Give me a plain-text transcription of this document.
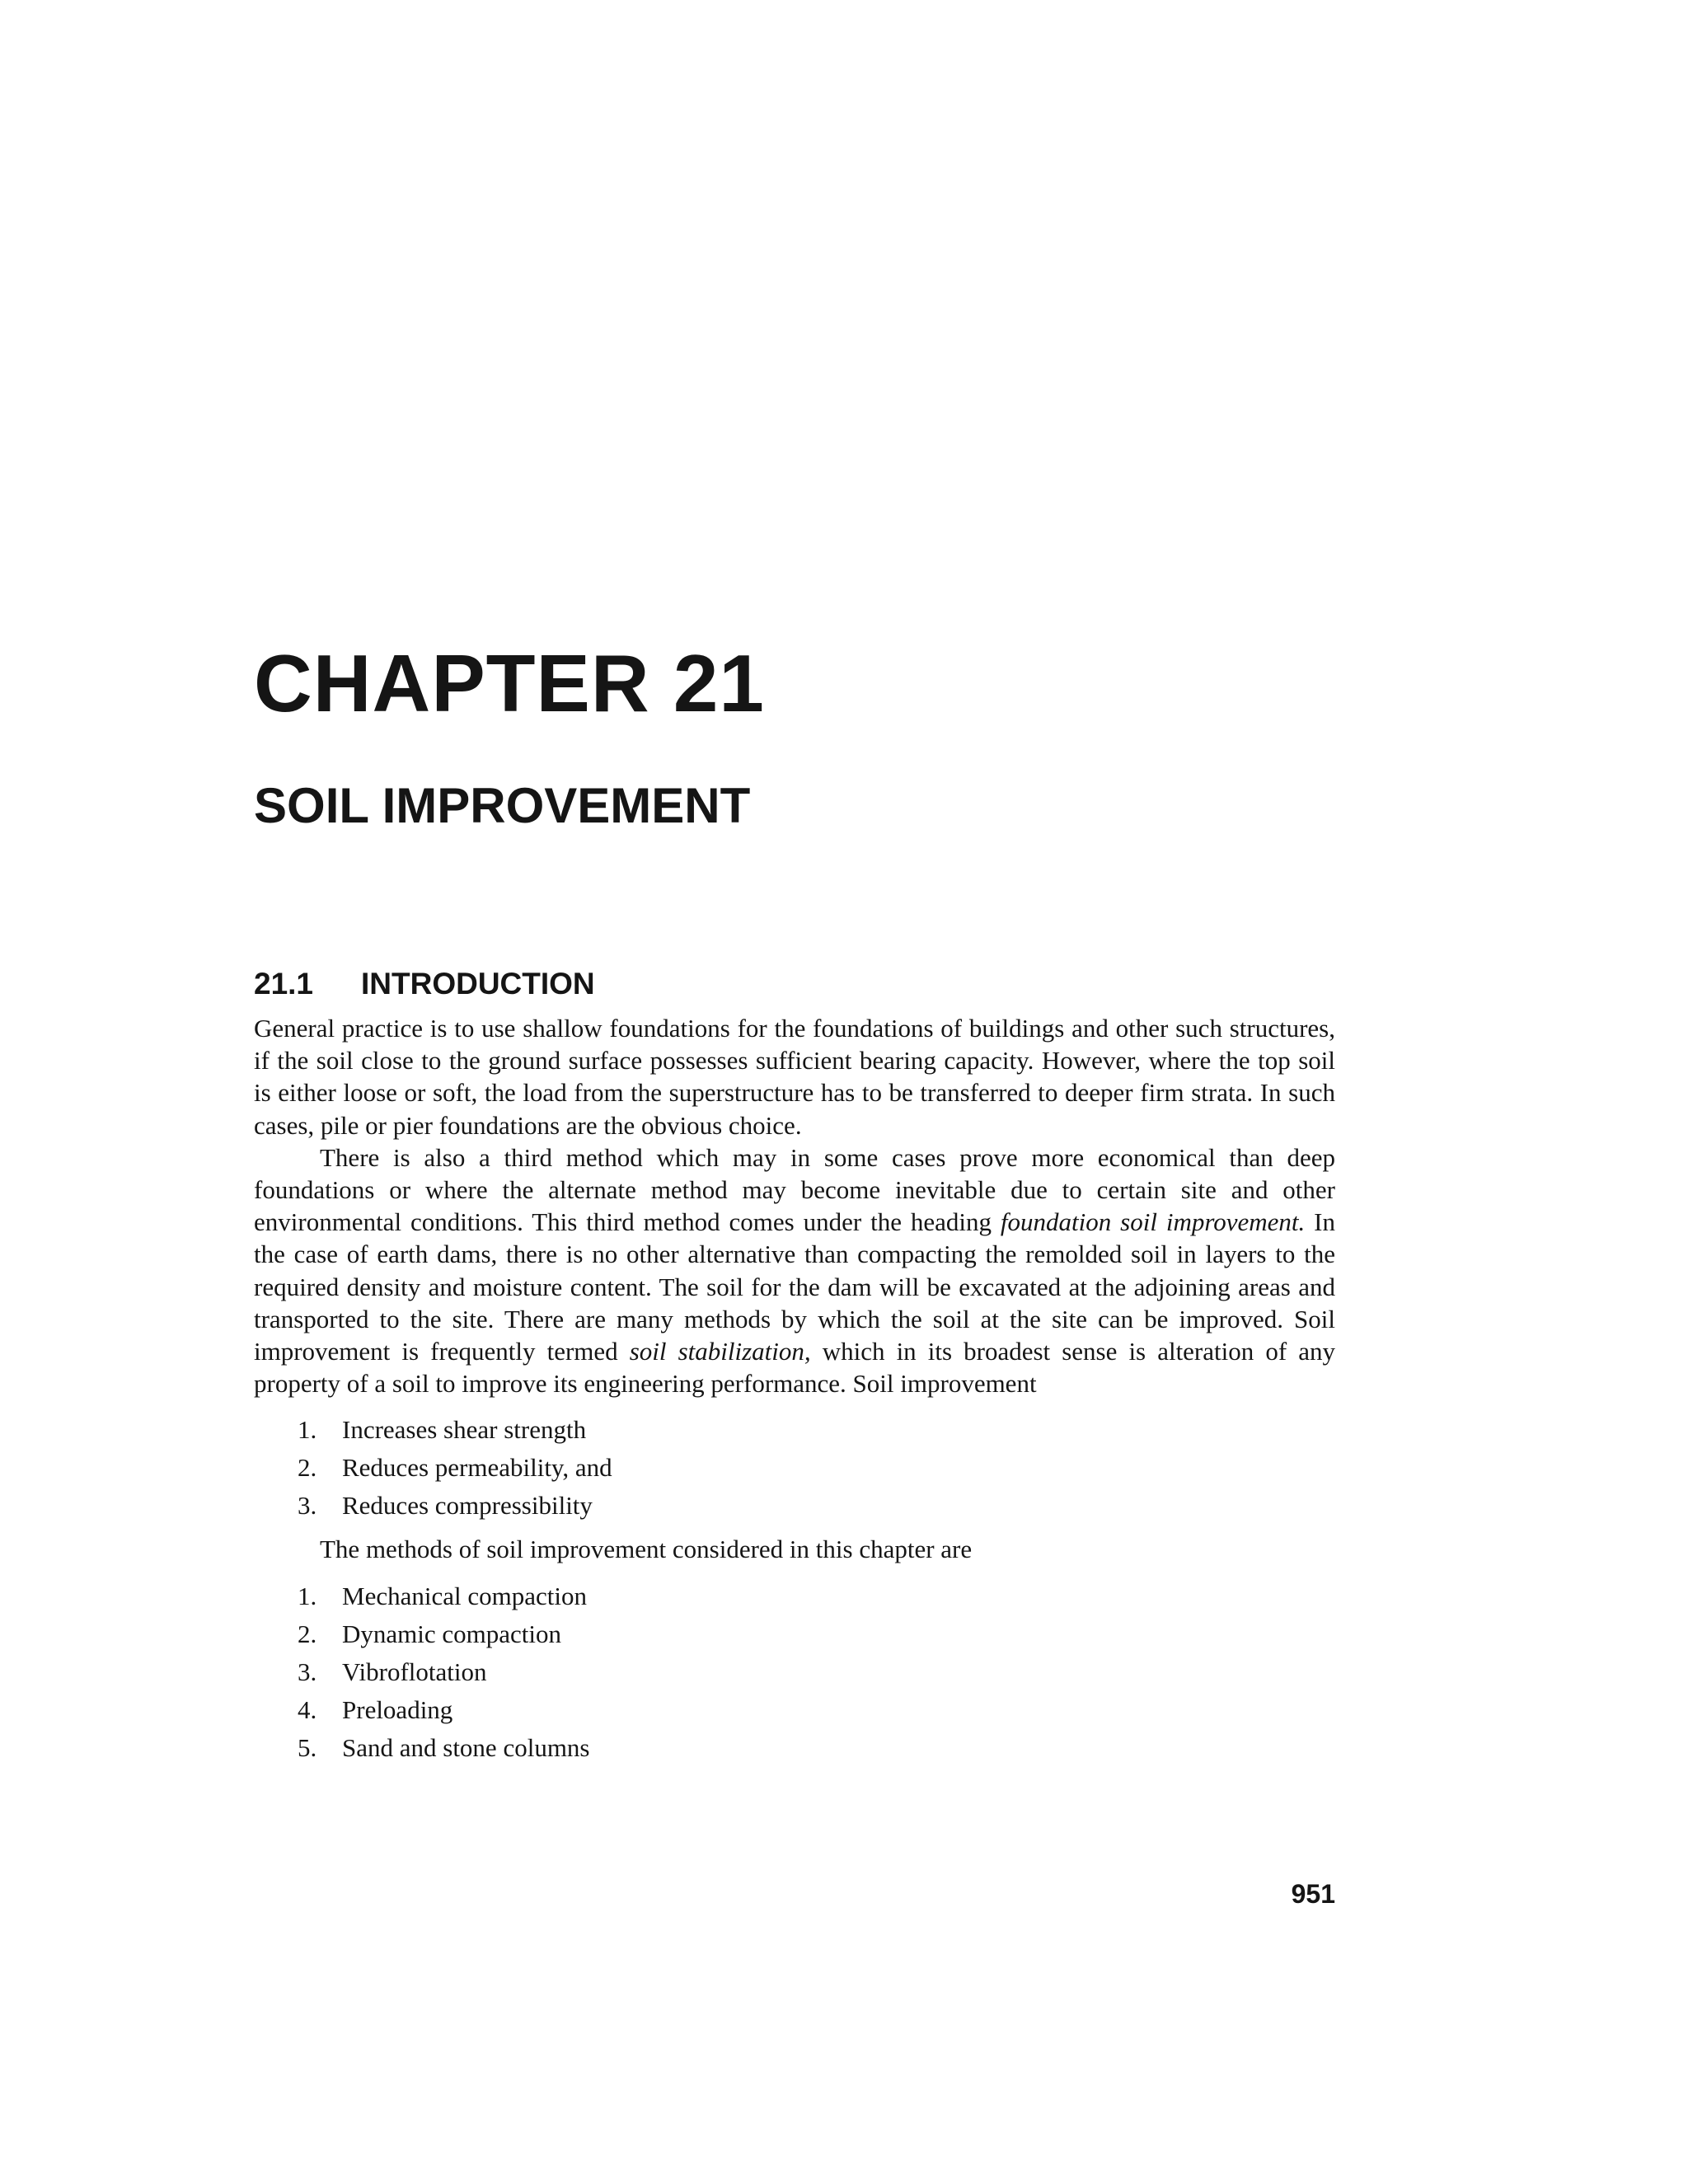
CHAPTER 21
SOIL IMPROVEMENT
21.1	INTRODUCTION

General practice is to use shallow foundations for the foundations of buildings and other such structures, if the soil close to the ground surface possesses sufficient bearing capacity. However, where the top soil is either loose or soft, the load from the superstructure has to be transferred to deeper firm strata. In such cases, pile or pier foundations are the obvious choice.

There is also a third method which may in some cases prove more economical than deep foundations or where the alternate method may become inevitable due to certain site and other environmental conditions. This third method comes under the heading foundation soil improvement. In the case of earth dams, there is no other alternative than compacting the remolded soil in layers to the required density and moisture content. The soil for the dam will be excavated at the adjoining areas and transported to the site. There are many methods by which the soil at the site can be improved. Soil improvement is frequently termed soil stabilization, which in its broadest sense is alteration of any property of a soil to improve its engineering performance. Soil improvement

1. Increases shear strength
2. Reduces permeability, and
3. Reduces compressibility

The methods of soil improvement considered in this chapter are

1. Mechanical compaction
2. Dynamic compaction
3. Vibroflotation
4. Preloading
5. Sand and stone columns
951
